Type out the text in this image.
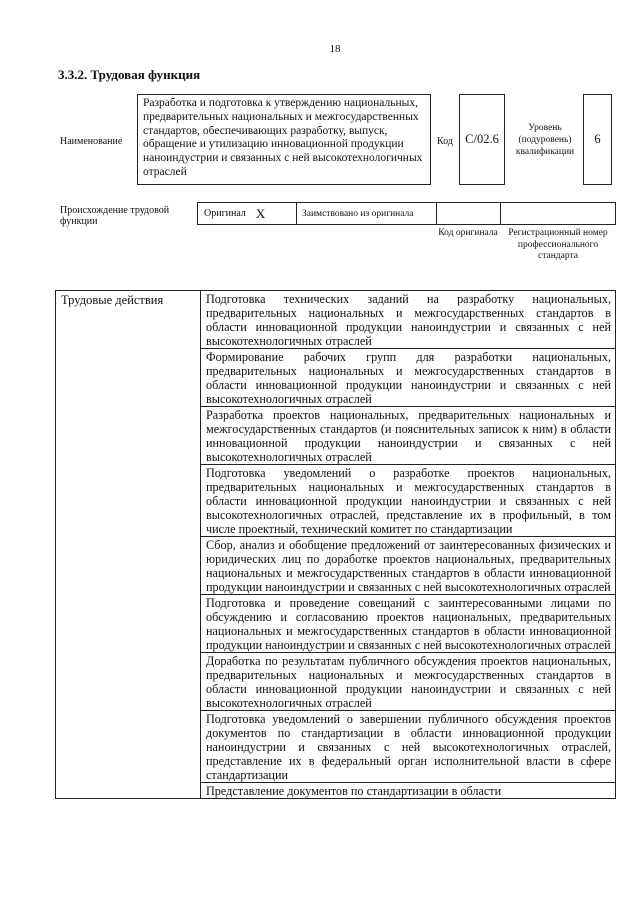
18
3.3.2. Трудовая функция
Наименование
Разработка и подготовка к утверждению национальных, предварительных национальных и межгосударственных стандартов, обеспечивающих разработку, выпуск, обращение и утилизацию инновационной продукции наноиндустрии и связанных с ней высокотехнологичных отраслей
Код C/02.6
Уровень (подуровень) квалификации
6
Происхождение трудовой функции
Оригинал X	Заимствовано из оригинала
Код оригинала	Регистрационный номер профессионального стандарта
Трудовые действия	Подготовка технических заданий на разработку национальных, предварительных национальных и межгосударственных стандартов в области инновационной продукции наноиндустрии и связанных с ней высокотехнологичных отраслей
Формирование рабочих групп для разработки национальных, предварительных национальных и межгосударственных стандартов в области инновационной продукции наноиндустрии и связанных с ней высокотехнологичных отраслей
Разработка проектов национальных, предварительных национальных и межгосударственных стандартов (и пояснительных записок к ним) в области инновационной продукции наноиндустрии и связанных с ней высокотехнологичных отраслей
Подготовка уведомлений о разработке проектов национальных, предварительных национальных и межгосударственных стандартов в области инновационной продукции наноиндустрии и связанных с ней высокотехнологичных отраслей, представление их в профильный, в том числе проектный, технический комитет по стандартизации
Сбор, анализ и обобщение предложений от заинтересованных физических и юридических лиц по доработке проектов национальных, предварительных национальных и межгосударственных стандартов в области инновационной продукции наноиндустрии и связанных с ней высокотехнологичных отраслей
Подготовка и проведение совещаний с заинтересованными лицами по обсуждению и согласованию проектов национальных, предварительных национальных и межгосударственных стандартов в области инновационной продукции наноиндустрии и связанных с ней высокотехнологичных отраслей
Доработка по результатам публичного обсуждения проектов национальных, предварительных национальных и межгосударственных стандартов в области инновационной продукции наноиндустрии и связанных с ней высокотехнологичных отраслей
Подготовка уведомлений о завершении публичного обсуждения проектов документов по стандартизации в области инновационной продукции наноиндустрии и связанных с ней высокотехнологичных отраслей, представление их в федеральный орган исполнительной власти в сфере стандартизации
Представление документов по стандартизации в области
